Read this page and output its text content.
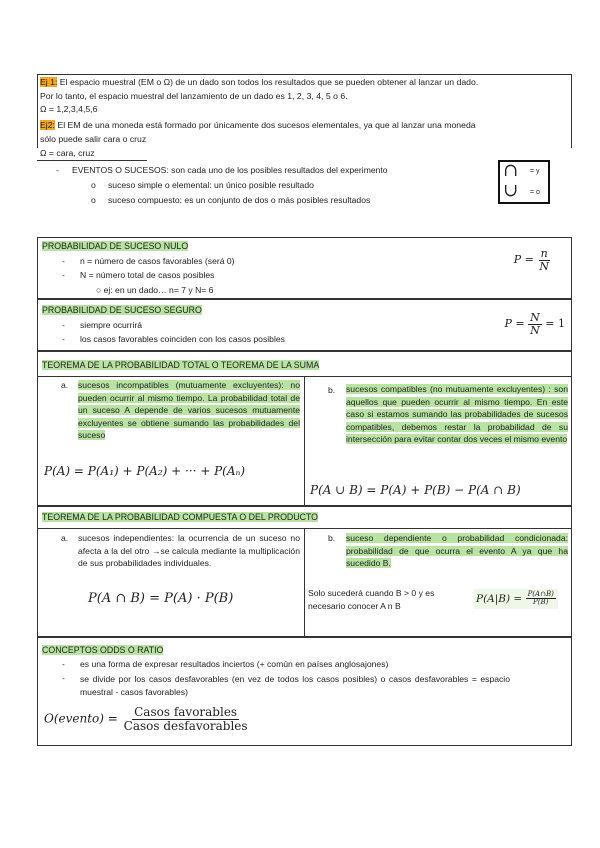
Ej 1: El espacio muestral (EM o Ω) de un dado son todos los resultados que se pueden obtener al lanzar un dado.
Por lo tanto, el espacio muestral del lanzamiento de un dado es 1, 2, 3, 4, 5 o 6.
Ω = 1,2,3,4,5,6
Ej2: El EM de una moneda está formado por únicamente dos sucesos elementales, ya que al lanzar una moneda
sólo puede salir cara o cruz
Ω = cara, cruz
- EVENTOS O SUCESOS: son cada uno de los posibles resultados del experimento
o suceso simple o elemental: un único posible resultado
o suceso compuesto: es un conjunto de dos o más posibles resultados
∩ = y
∪ = o
PROBABILIDAD DE SUCESO NULO
- n = número de casos favorables (será 0)
- N = número total de casos posibles
○ ej: en un dado… n= 7 y N= 6
$P = \frac{n}{N}$
PROBABILIDAD DE SUCESO SEGURO
- siempre ocurrirá
- los casos favorables coinciden con los casos posibles
$P = \frac{N}{N} = 1$
TEOREMA DE LA PROBABILIDAD TOTAL O TEOREMA DE LA SUMA
a. sucesos incompatibles (mutuamente excluyentes): no pueden ocurrir al mismo tiempo. La probabilidad total de un suceso A depende de varios sucesos mutuamente excluyentes se obtiene sumando las probabilidades del suceso
P(A) = P(A₁) + P(A₂) + ··· + P(Aₙ)
b. sucesos compatibles (no mutuamente excluyentes) : son aquellos que pueden ocurrir al mismo tiempo. En este caso si estamos sumando las probabilidades de sucesos compatibles, debemos restar la probabilidad de su intersección para evitar contar dos veces el mismo evento
P(A ∪ B) = P(A) + P(B) − P(A ∩ B)
TEOREMA DE LA PROBABILIDAD COMPUESTA O DEL PRODUCTO
a. sucesos independientes: la ocurrencia de un suceso no afecta a la del otro →se calcula mediante la multiplicación de sus probabilidades individuales.
P(A ∩ B) = P(A) · P(B)
b. suceso dependiente o probabilidad condicionada: probabilidad de que ocurra el evento A ya que ha sucedido B.
Solo sucederá cuando B > 0 y es necesario conocer A n B
$P(A|B) = \frac{P(A\cap B)}{P(B)}$
CONCEPTOS ODDS O RATIO
- es una forma de expresar resultados inciertos (+ común en países anglosajones)
- se divide por los casos desfavorables (en vez de todos los casos posibles) o casos desfavorables = espacio muestral - casos favorables)
O(evento) = $\frac{\text{Casos favorables}}{\text{Casos desfavorables}}$
